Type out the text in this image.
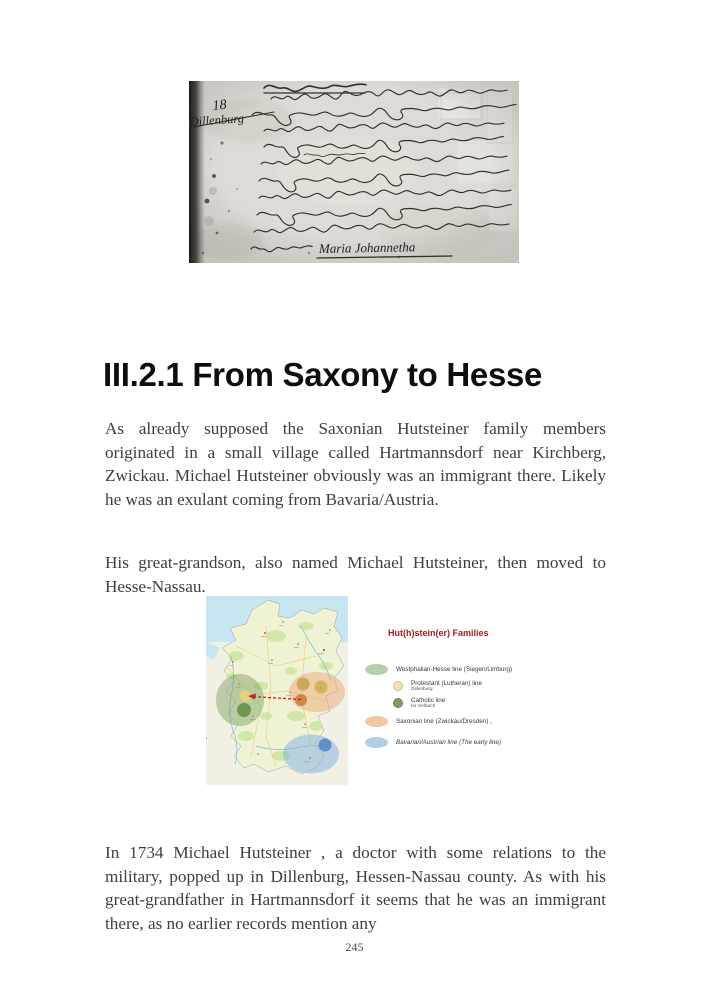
18
Dillenburg
Maria Johannetha
III.2.1 From Saxony to Hesse

As already supposed the Saxonian Hutsteiner family members originated in a small village called Hartmannsdorf near Kirchberg, Zwickau. Michael Hutsteiner obviously was an immigrant there. Likely he was an exulant coming from Bavaria/Austria.

His great-grandson, also named Michael Hutsteiner, then moved to Hesse-Nassau.

Hut(h)stein(er) Families
Westphalian-Hesse line (Siegen/Limburg)
Protestant (Lutheran) line
Dillenburg
Catholic line
for Selbach
Saxonian line (Zwickau/Dresden) ,
Bavarian/Austrian line (The early line)

In 1734 Michael Hutsteiner , a doctor with some relations to the military, popped up in Dillenburg, Hessen-Nassau county. As with his great-grandfather in Hartmannsdorf it seems that he was an immigrant there, as no earlier records mention any

245
